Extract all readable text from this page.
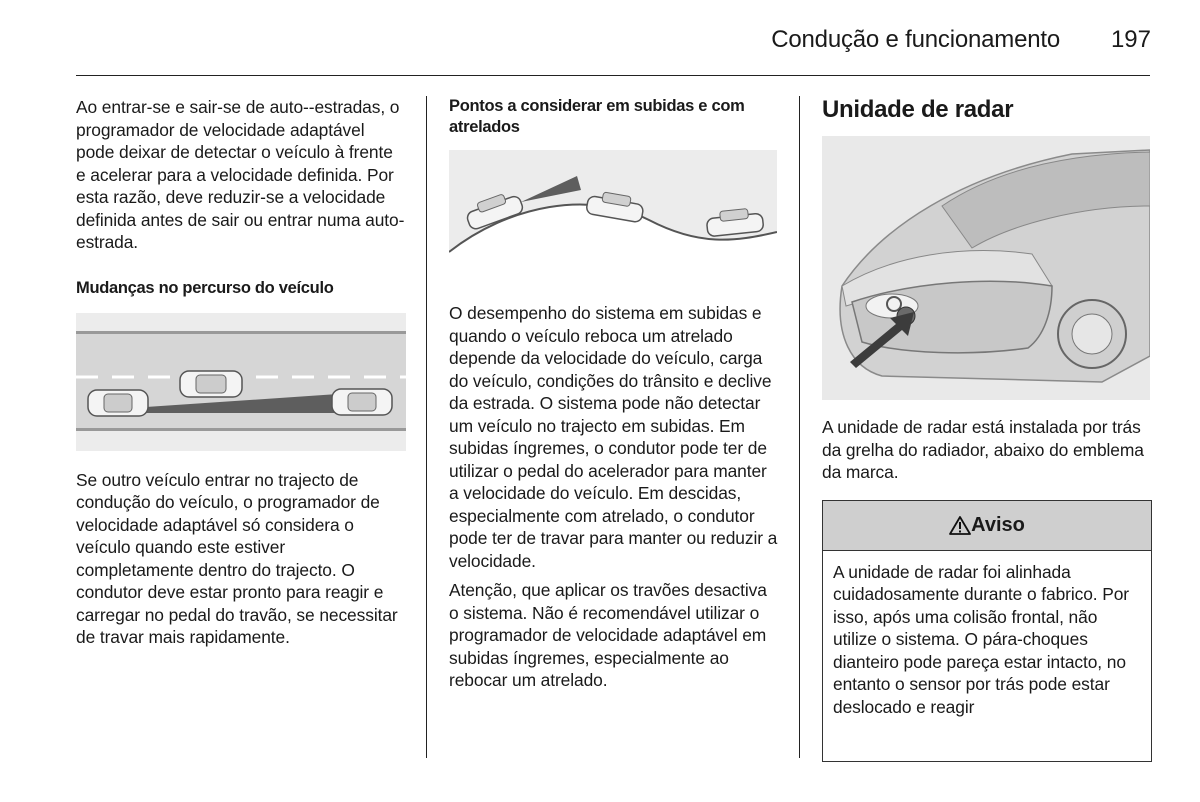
Condução e funcionamento	197

Ao entrar-se e sair-se de auto--estradas, o programador de velocidade adaptável pode deixar de detectar o veículo à frente e acelerar para a velocidade definida. Por esta razão, deve reduzir-se a velocidade definida antes de sair ou entrar numa auto-estrada.

Mudanças no percurso do veículo

Se outro veículo entrar no trajecto de condução do veículo, o programador de velocidade adaptável só considera o veículo quando este estiver completamente dentro do trajecto. O condutor deve estar pronto para reagir e carregar no pedal do travão, se necessitar de travar mais rapidamente.

Pontos a considerar em subidas e com atrelados

O desempenho do sistema em subidas e quando o veículo reboca um atrelado depende da velocidade do veículo, carga do veículo, condições do trânsito e declive da estrada. O sistema pode não detectar um veículo no trajecto em subidas. Em subidas íngremes, o condutor pode ter de utilizar o pedal do acelerador para manter a velocidade do veículo. Em descidas, especialmente com atrelado, o condutor pode ter de travar para manter ou reduzir a velocidade.

Atenção, que aplicar os travões desactiva o sistema. Não é recomendável utilizar o programador de velocidade adaptável em subidas íngremes, especialmente ao rebocar um atrelado.

Unidade de radar

A unidade de radar está instalada por trás da grelha do radiador, abaixo do emblema da marca.

Aviso

A unidade de radar foi alinhada cuidadosamente durante o fabrico. Por isso, após uma colisão frontal, não utilize o sistema. O pára-choques dianteiro pode pareça estar intacto, no entanto o sensor por trás pode estar deslocado e reagir
